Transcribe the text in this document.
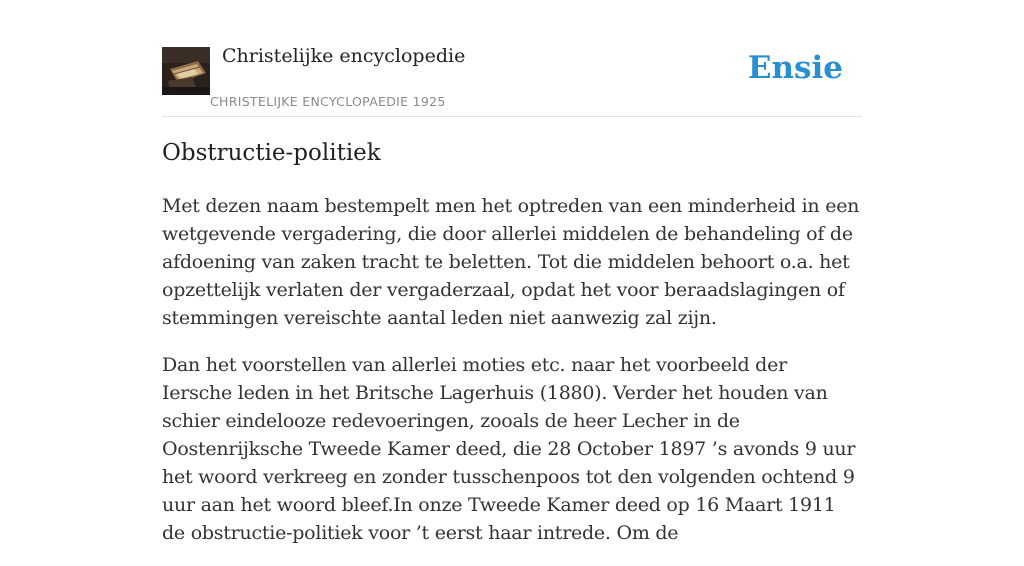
Christelijke encyclopedie
CHRISTELIJKE ENCYCLOPAEDIE 1925
Ensie
Obstructie-politiek

Met dezen naam bestempelt men het optreden van een minderheid in een wetgevende vergadering, die door allerlei middelen de behandeling of de afdoening van zaken tracht te beletten. Tot die middelen behoort o.a. het opzettelijk verlaten der vergaderzaal, opdat het voor beraadslagingen of stemmingen vereischte aantal leden niet aanwezig zal zijn.

Dan het voorstellen van allerlei moties etc. naar het voorbeeld der Iersche leden in het Britsche Lagerhuis (1880). Verder het houden van schier eindelooze redevoeringen, zooals de heer Lecher in de Oostenrijksche Tweede Kamer deed, die 28 October 1897 ’s avonds 9 uur het woord verkreeg en zonder tusschenpoos tot den volgenden ochtend 9 uur aan het woord bleef.In onze Tweede Kamer deed op 16 Maart 1911 de obstructie-politiek voor ’t eerst haar intrede. Om de
